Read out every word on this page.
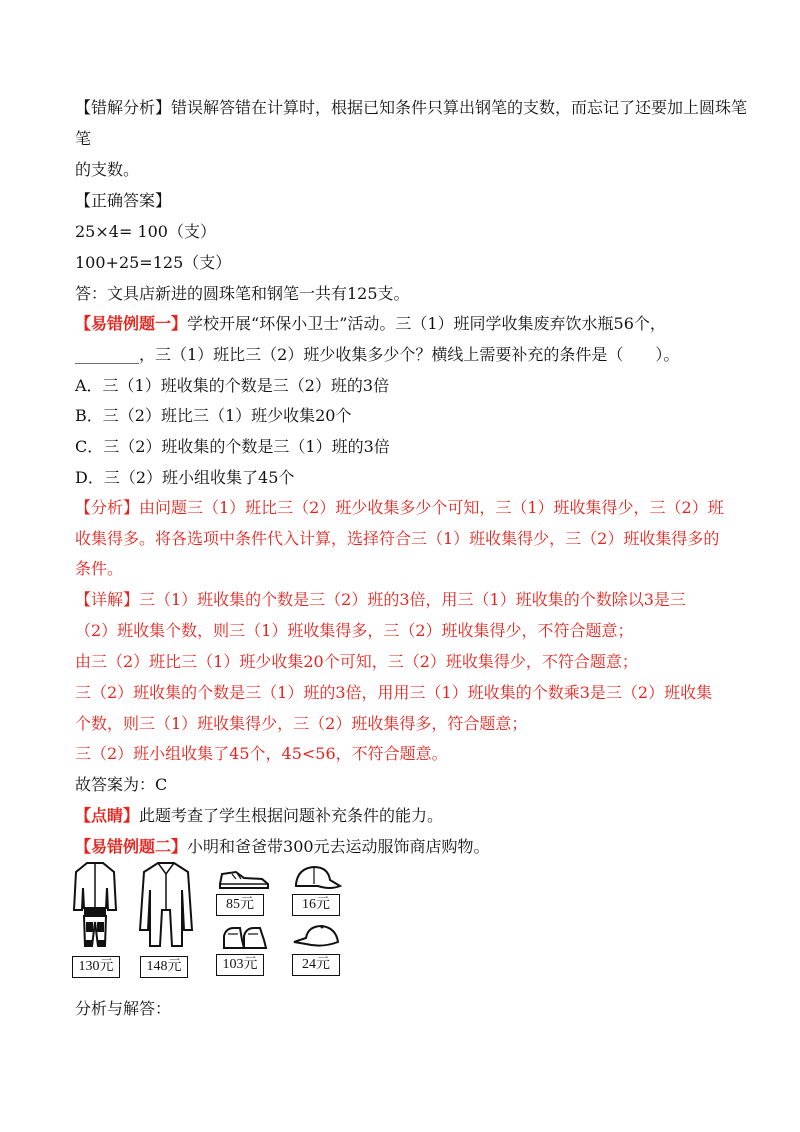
【错解分析】错误解答错在计算时，根据已知条件只算出钢笔的支数，而忘记了还要加上圆珠笔
笔
的支数。
【正确答案】
25×4= 100（支）
100+25=125（支）
答：文具店新进的圆珠笔和钢笔一共有125支。
【易错例题一】学校开展“环保小卫士”活动。三（1）班同学收集废弃饮水瓶56个，
________，三（1）班比三（2）班少收集多少个？横线上需要补充的条件是（　　）。
A．三（1）班收集的个数是三（2）班的3倍
B．三（2）班比三（1）班少收集20个
C．三（2）班收集的个数是三（1）班的3倍
D．三（2）班小组收集了45个
【分析】由问题三（1）班比三（2）班少收集多少个可知，三（1）班收集得少，三（2）班
收集得多。将各选项中条件代入计算，选择符合三（1）班收集得少，三（2）班收集得多的
条件。
【详解】三（1）班收集的个数是三（2）班的3倍，用三（1）班收集的个数除以3是三
（2）班收集个数，则三（1）班收集得多，三（2）班收集得少，不符合题意；
由三（2）班比三（1）班少收集20个可知，三（2）班收集得少，不符合题意；
三（2）班收集的个数是三（1）班的3倍，用用三（1）班收集的个数乘3是三（2）班收集
个数，则三（1）班收集得少，三（2）班收集得多，符合题意；
三（2）班小组收集了45个，45<56，不符合题意。
故答案为：C
【点睛】此题考查了学生根据问题补充条件的能力。
【易错例题二】小明和爸爸带300元去运动服饰商店购物。
130元	148元
85元
103元
16元
24元
分析与解答：
